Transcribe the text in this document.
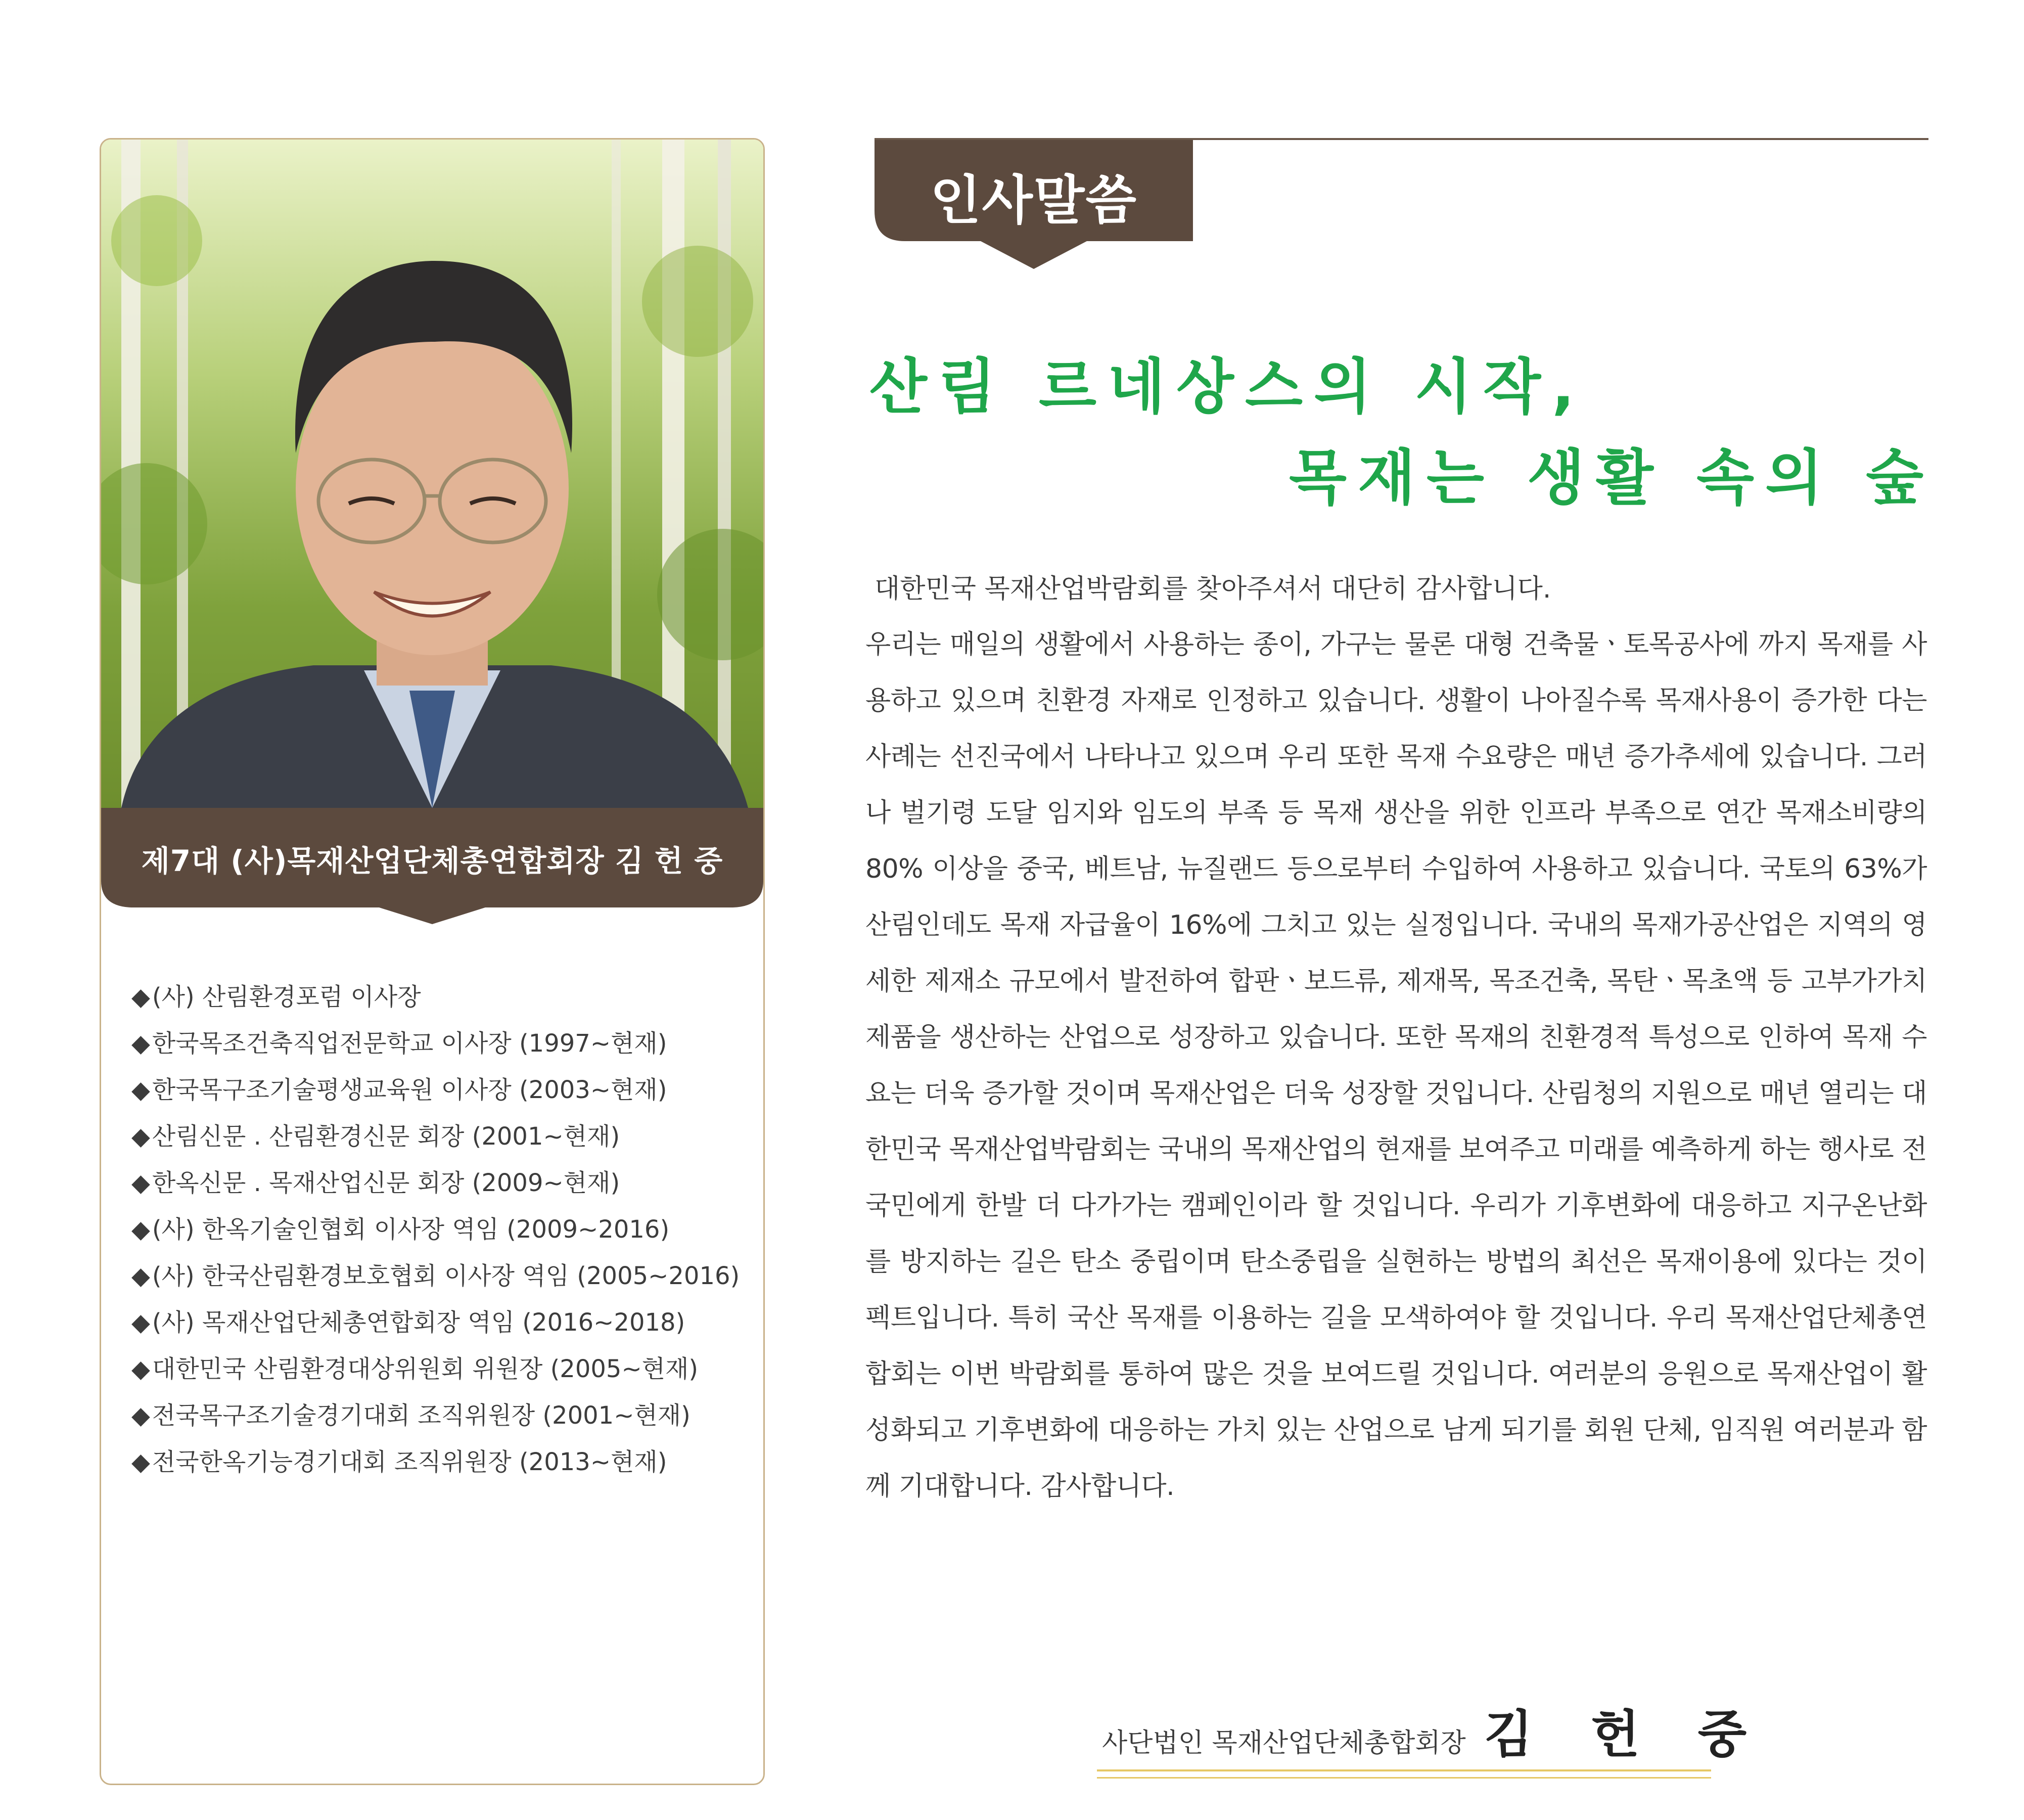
제7대 (사)목재산업단체총연합회장 김 헌 중
◆(사) 산림환경포럼 이사장
◆한국목조건축직업전문학교 이사장 (1997~현재)
◆한국목구조기술평생교육원 이사장 (2003~현재)
◆산림신문 . 산림환경신문 회장 (2001~현재)
◆한옥신문 . 목재산업신문 회장 (2009~현재)
◆(사) 한옥기술인협회 이사장 역임 (2009~2016)
◆(사) 한국산림환경보호협회 이사장 역임 (2005~2016)
◆(사) 목재산업단체총연합회장 역임 (2016~2018)
◆대한민국 산림환경대상위원회 위원장 (2005~현재)
◆전국목구조기술경기대회 조직위원장 (2001~현재)
◆전국한옥기능경기대회 조직위원장 (2013~현재)
인사말씀
산림 르네상스의 시작,
목재는 생활 속의 숲
대한민국 목재산업박람회를 찾아주셔서 대단히 감사합니다.
우리는 매일의 생활에서 사용하는 종이, 가구는 물론 대형 건축물ㆍ토목공사에 까지 목재를 사용하고 있으며 친환경 자재로 인정하고 있습니다. 생활이 나아질수록 목재사용이 증가한 다는 사례는 선진국에서 나타나고 있으며 우리 또한 목재 수요량은 매년 증가추세에 있습니다. 그러나 벌기령 도달 임지와 임도의 부족 등 목재 생산을 위한 인프라 부족으로 연간 목재소비량의 80% 이상을 중국, 베트남, 뉴질랜드 등으로부터 수입하여 사용하고 있습니다. 국토의 63%가 산림인데도 목재 자급율이 16%에 그치고 있는 실정입니다. 국내의 목재가공산업은 지역의 영세한 제재소 규모에서 발전하여 합판ㆍ보드류, 제재목, 목조건축, 목탄ㆍ목초액 등 고부가가치 제품을 생산하는 산업으로 성장하고 있습니다. 또한 목재의 친환경적 특성으로 인하여 목재 수요는 더욱 증가할 것이며 목재산업은 더욱 성장할 것입니다. 산림청의 지원으로 매년 열리는 대한민국 목재산업박람회는 국내의 목재산업의 현재를 보여주고 미래를 예측하게 하는 행사로 전 국민에게 한발 더 다가가는 캠페인이라 할 것입니다. 우리가 기후변화에 대응하고 지구온난화를 방지하는 길은 탄소 중립이며 탄소중립을 실현하는 방법의 최선은 목재이용에 있다는 것이 펙트입니다. 특히 국산 목재를 이용하는 길을 모색하여야 할 것입니다. 우리 목재산업단체총연합회는 이번 박람회를 통하여 많은 것을 보여드릴 것입니다. 여러분의 응원으로 목재산업이 활성화되고 기후변화에 대응하는 가치 있는 산업으로 남게 되기를 회원 단체, 임직원 여러분과 함께 기대합니다. 감사합니다.
사단법인 목재산업단체총합회장 김 헌 중
